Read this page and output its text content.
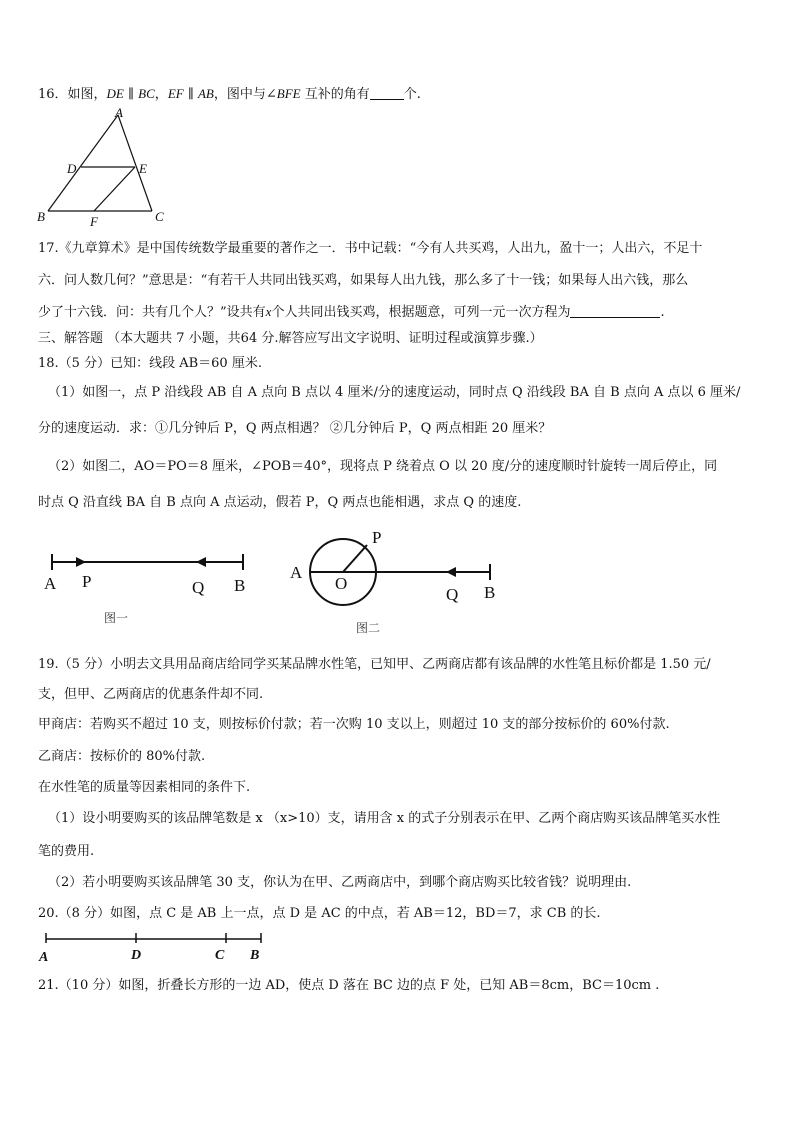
16．如图，DE ∥ BC，EF ∥ AB，图中与∠BFE 互补的角有	个.
A
D	E
B	F	C
17.《九章算术》是中国传统数学最重要的著作之一．书中记载：“今有人共买鸡，人出九，盈十一；人出六，不足十
六．问人数几何？”意思是：“有若干人共同出钱买鸡，如果每人出九钱，那么多了十一钱；如果每人出六钱，那么
少了十六钱．问：共有几个人？”设共有x个人共同出钱买鸡，根据题意，可列一元一次方程为	.
三、解答题 （本大题共 7 小题，共64 分.解答应写出文字说明、证明过程或演算步骤.）
18.（5 分）已知：线段 AB＝60 厘米.
（1）如图一，点 P 沿线段 AB 自 A 点向 B 点以 4 厘米/分的速度运动，同时点 Q 沿线段 BA 自 B 点向 A 点以 6 厘米/
分的速度运动．求：①几分钟后 P，Q 两点相遇？ ②几分钟后 P，Q 两点相距 20 厘米？
（2）如图二，AO＝PO＝8 厘米，∠POB＝40°，现将点 P 绕着点 O 以 20 度/分的速度顺时针旋转一周后停止，同
时点 Q 沿直线 BA 自 B 点向 A 点运动，假若 P，Q 两点也能相遇，求点 Q 的速度.
A P	Q B
图一
P
A
O
Q B
图二
19.（5 分）小明去文具用品商店给同学买某品牌水性笔，已知甲、乙两商店都有该品牌的水性笔且标价都是 1.50 元/
支，但甲、乙两商店的优惠条件却不同.
甲商店：若购买不超过 10 支，则按标价付款；若一次购 10 支以上，则超过 10 支的部分按标价的 60%付款.
乙商店：按标价的 80%付款.
在水性笔的质量等因素相同的条件下.
（1）设小明要购买的该品牌笔数是 x （x>10）支，请用含 x 的式子分别表示在甲、乙两个商店购买该品牌笔买水性
笔的费用.
（2）若小明要购买该品牌笔 30 支，你认为在甲、乙两商店中，到哪个商店购买比较省钱？说明理由.
20.（8 分）如图，点 C 是 AB 上一点，点 D 是 AC 的中点，若 AB＝12，BD＝7，求 CB 的长.
A	D	C B
21.（10 分）如图，折叠长方形的一边 AD，使点 D 落在 BC 边的点 F 处，已知 AB＝8cm，BC＝10cm .
